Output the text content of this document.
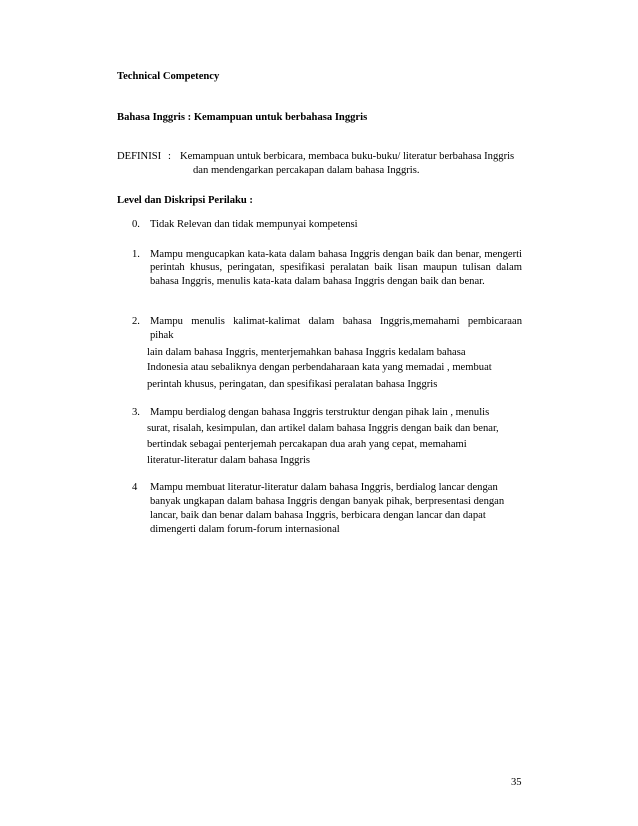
Technical Competency
Bahasa Inggris : Kemampuan untuk berbahasa Inggris
DEFINISI : Kemampuan untuk berbicara, membaca buku-buku/ literatur berbahasa Inggris
dan mendengarkan percakapan dalam bahasa Inggris.
Level dan Diskripsi Perilaku :
0. Tidak Relevan dan tidak mempunyai kompetensi
1. Mampu mengucapkan kata-kata dalam bahasa Inggris dengan baik dan benar, mengerti perintah khusus, peringatan, spesifikasi peralatan baik lisan maupun tulisan dalam bahasa Inggris, menulis kata-kata dalam bahasa Inggris dengan baik dan benar.
2. Mampu menulis kalimat-kalimat dalam bahasa Inggris,memahami pembicaraan
pihak
lain dalam bahasa Inggris, menterjemahkan bahasa Inggris kedalam bahasa
Indonesia atau sebaliknya dengan perbendaharaan kata yang memadai , membuat
perintah khusus, peringatan, dan spesifikasi peralatan bahasa Inggris
3. Mampu berdialog dengan bahasa Inggris terstruktur dengan pihak lain , menulis
surat, risalah, kesimpulan, dan artikel dalam bahasa Inggris dengan baik dan benar,
bertindak sebagai penterjemah percakapan dua arah yang cepat, memahami
literatur-literatur dalam bahasa Inggris
4 Mampu membuat literatur-literatur dalam bahasa Inggris, berdialog lancar dengan
banyak ungkapan dalam bahasa Inggris dengan banyak pihak, berpresentasi dengan
lancar, baik dan benar dalam bahasa Inggris, berbicara dengan lancar dan dapat
dimengerti dalam forum-forum internasional
35
